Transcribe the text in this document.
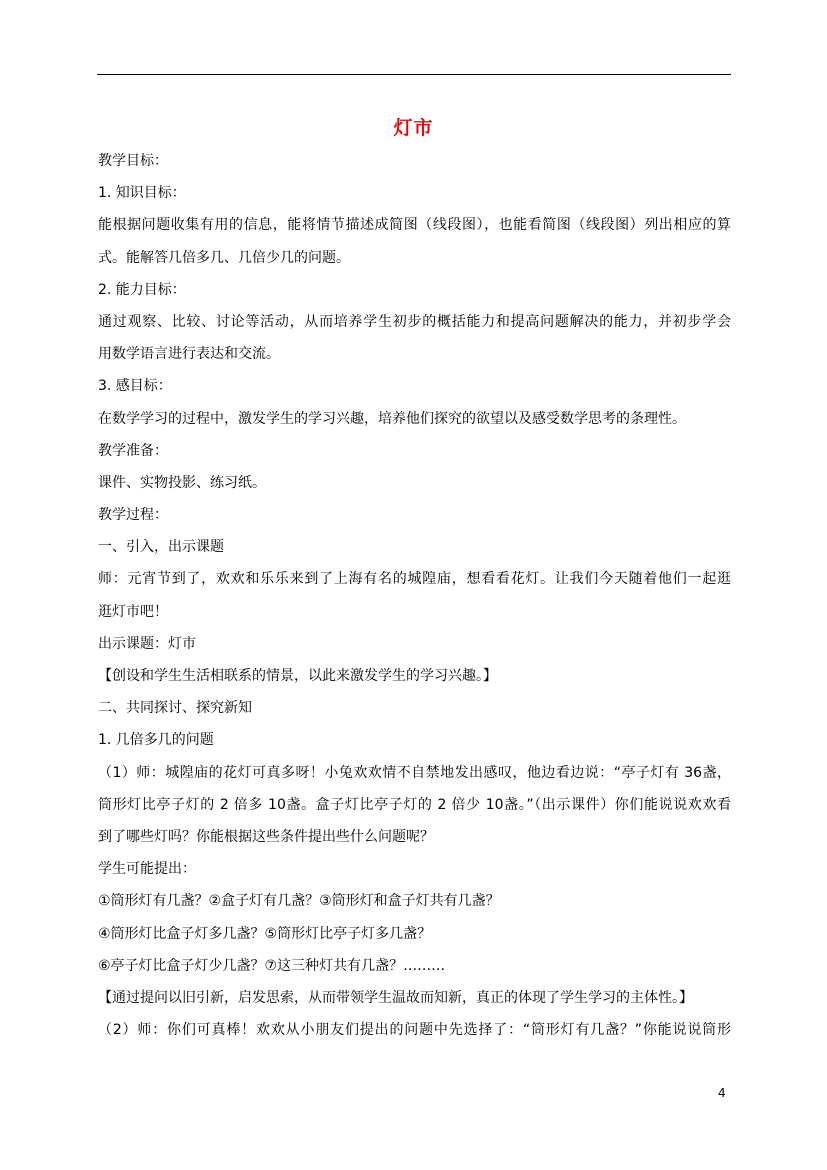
灯市
教学目标：
1. 知识目标：
能根据问题收集有用的信息，能将情节描述成简图（线段图），也能看简图（线段图）列出相应的算
式。能解答几倍多几、几倍少几的问题。
2. 能力目标：
通过观察、比较、讨论等活动，从而培养学生初步的概括能力和提高问题解决的能力，并初步学会
用数学语言进行表达和交流。
3. 感目标：
在数学学习的过程中，激发学生的学习兴趣，培养他们探究的欲望以及感受数学思考的条理性。
教学准备：
课件、实物投影、练习纸。
教学过程：
一、引入，出示课题
师：元宵节到了，欢欢和乐乐来到了上海有名的城隍庙，想看看花灯。让我们今天随着他们一起逛
逛灯市吧！
出示课题：灯市
【创设和学生生活相联系的情景，以此来激发学生的学习兴趣。】
二、共同探讨、探究新知
1. 几倍多几的问题
（1）师：城隍庙的花灯可真多呀！小兔欢欢情不自禁地发出感叹，他边看边说：“亭子灯有 36盏，
筒形灯比亭子灯的 2 倍多 10盏。盒子灯比亭子灯的 2 倍少 10盏。”（出示课件）你们能说说欢欢看
到了哪些灯吗？你能根据这些条件提出些什么问题呢？
学生可能提出：
①筒形灯有几盏？②盒子灯有几盏？③筒形灯和盒子灯共有几盏？
④筒形灯比盒子灯多几盏？⑤筒形灯比亭子灯多几盏？
⑥亭子灯比盒子灯少几盏？⑦这三种灯共有几盏？………
【通过提问以旧引新，启发思索，从而带领学生温故而知新，真正的体现了学生学习的主体性。】
（2）师：你们可真棒！欢欢从小朋友们提出的问题中先选择了：“筒形灯有几盏？”你能说说筒形
4
